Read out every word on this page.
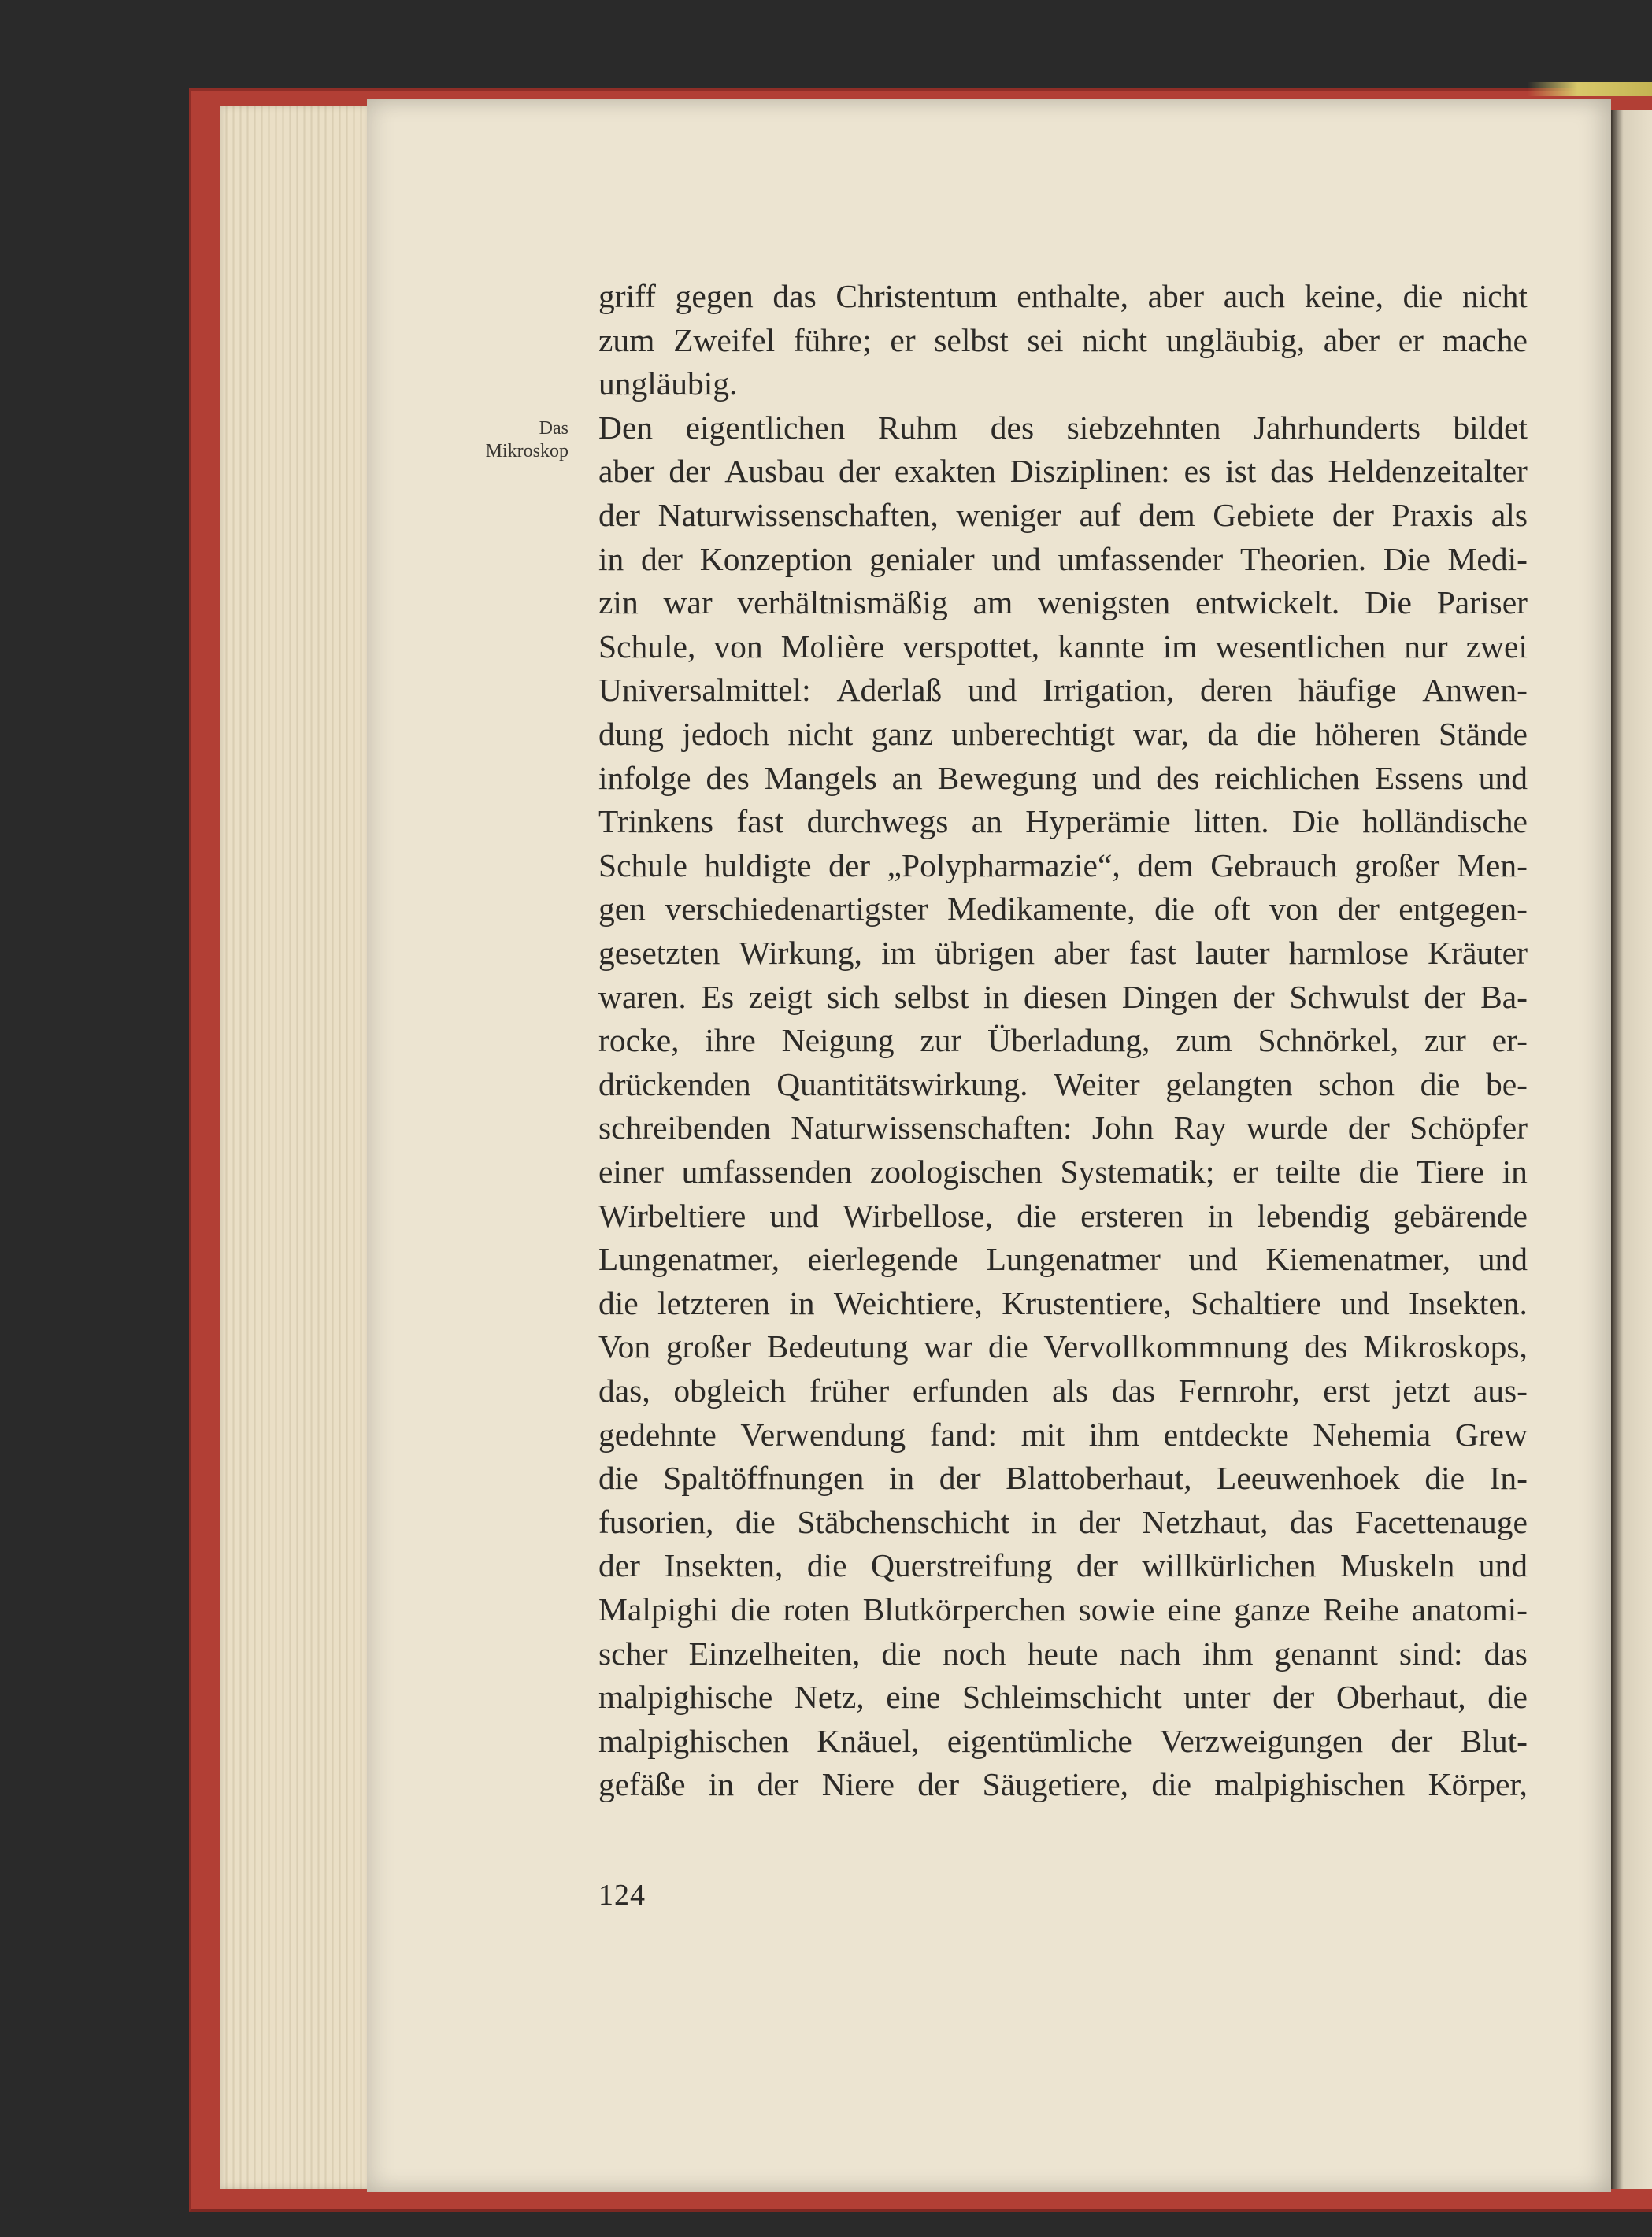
Das
Mikroskop
griff gegen das Christentum enthalte, aber auch keine, die nicht
zum Zweifel führe; er selbst sei nicht ungläubig, aber er mache
ungläubig.
Den eigentlichen Ruhm des siebzehnten Jahrhunderts bildet
aber der Ausbau der exakten Disziplinen: es ist das Heldenzeitalter
der Naturwissenschaften, weniger auf dem Gebiete der Praxis als
in der Konzeption genialer und umfassender Theorien. Die Medi-
zin war verhältnismäßig am wenigsten entwickelt. Die Pariser
Schule, von Molière verspottet, kannte im wesentlichen nur zwei
Universalmittel: Aderlaß und Irrigation, deren häufige Anwen-
dung jedoch nicht ganz unberechtigt war, da die höheren Stände
infolge des Mangels an Bewegung und des reichlichen Essens und
Trinkens fast durchwegs an Hyperämie litten. Die holländische
Schule huldigte der „Polypharmazie“, dem Gebrauch großer Men-
gen verschiedenartigster Medikamente, die oft von der entgegen-
gesetzten Wirkung, im übrigen aber fast lauter harmlose Kräuter
waren. Es zeigt sich selbst in diesen Dingen der Schwulst der Ba-
rocke, ihre Neigung zur Überladung, zum Schnörkel, zur er-
drückenden Quantitätswirkung. Weiter gelangten schon die be-
schreibenden Naturwissenschaften: John Ray wurde der Schöpfer
einer umfassenden zoologischen Systematik; er teilte die Tiere in
Wirbeltiere und Wirbellose, die ersteren in lebendig gebärende
Lungenatmer, eierlegende Lungenatmer und Kiemenatmer, und
die letzteren in Weichtiere, Krustentiere, Schaltiere und Insekten.
Von großer Bedeutung war die Vervollkommnung des Mikroskops,
das, obgleich früher erfunden als das Fernrohr, erst jetzt aus-
gedehnte Verwendung fand: mit ihm entdeckte Nehemia Grew
die Spaltöffnungen in der Blattoberhaut, Leeuwenhoek die In-
fusorien, die Stäbchenschicht in der Netzhaut, das Facettenauge
der Insekten, die Querstreifung der willkürlichen Muskeln und
Malpighi die roten Blutkörperchen sowie eine ganze Reihe anatomi-
scher Einzelheiten, die noch heute nach ihm genannt sind: das
malpighische Netz, eine Schleimschicht unter der Oberhaut, die
malpighischen Knäuel, eigentümliche Verzweigungen der Blut-
gefäße in der Niere der Säugetiere, die malpighischen Körper,
124
